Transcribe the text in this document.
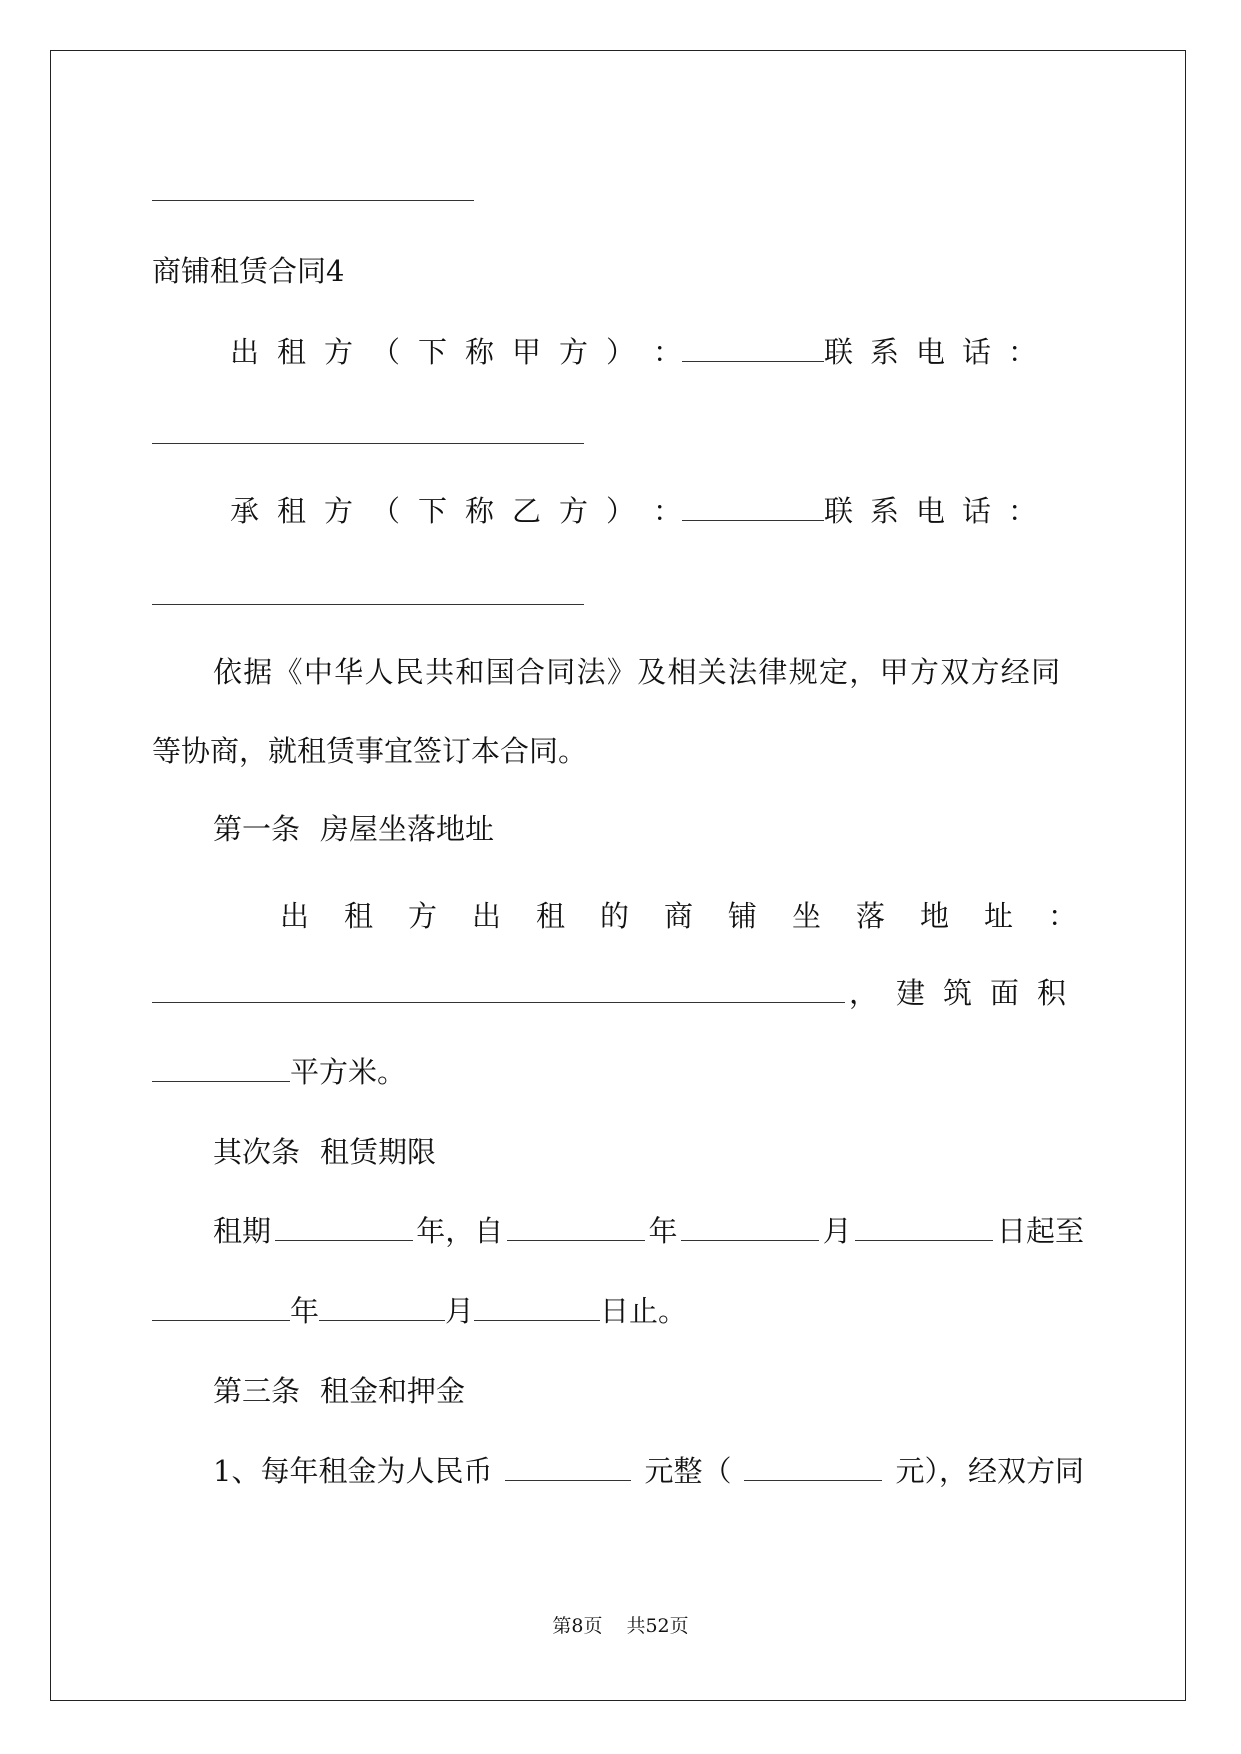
商铺租赁合同4
出租方（下称甲方） ：	联系电话：
承租方（下称乙方） ：	联系电话：
依据《中华人民共和国合同法》及相关法律规定，甲方双方经同
等协商，就租赁事宜签订本合同。
第一条 房屋坐落地址
出租方出租的商铺坐落地址：
，建筑面积
平方米。
其次条 租赁期限
租期	年，自	年	月	日起至
年	月	日止。
第三条 租金和押金
1、每年租金为人民币	元整（	元），经双方同
第8页 共52页
